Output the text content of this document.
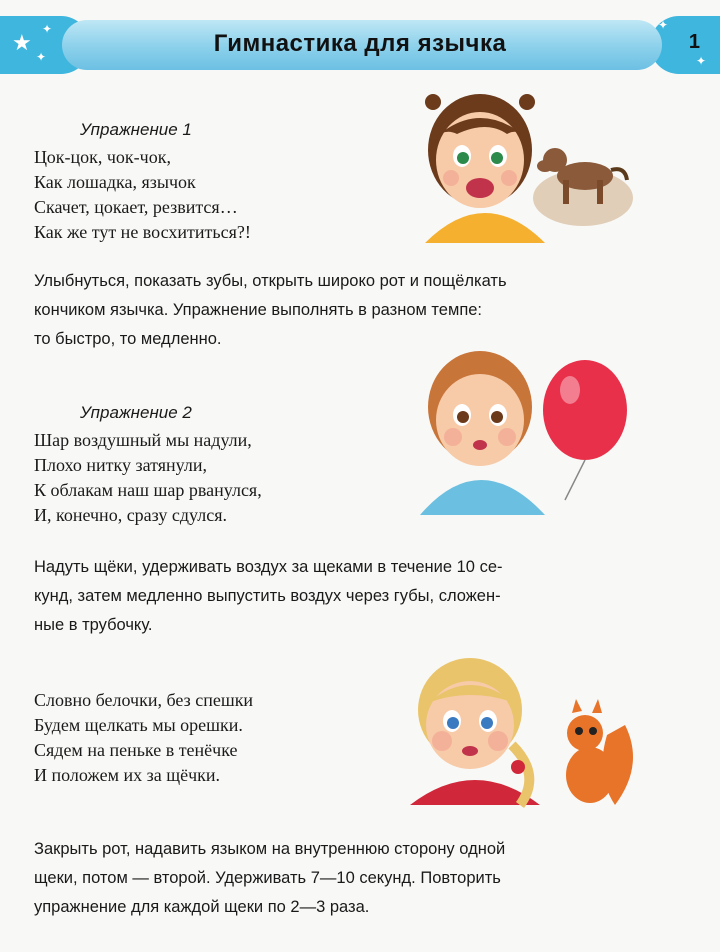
★
✦
✦
✦
✦
Гимнастика для язычка	1
Упражнение 1
Цок-цок, чок-чок,
Как лошадка, язычок
Скачет, цокает, резвится…
Как же тут не восхититься?!
Улыбнуться, показать зубы, открыть широко рот и пощёлкать
кончиком язычка. Упражнение выполнять в разном темпе:
то быстро, то медленно.
Упражнение 2
Шар воздушный мы надули,
Плохо нитку затянули,
К облакам наш шар рванулся,
И, конечно, сразу сдулся.
Надуть щёки, удерживать воздух за щеками в течение 10 се-
кунд, затем медленно выпустить воздух через губы, сложен-
ные в трубочку.
Словно белочки, без спешки
Будем щелкать мы орешки.
Сядем на пеньке в тенёчке
И положем их за щёчки.
Закрыть рот, надавить языком на внутреннюю сторону одной
щеки, потом — второй. Удерживать 7—10 секунд. Повторить
упражнение для каждой щеки по 2—3 раза.
